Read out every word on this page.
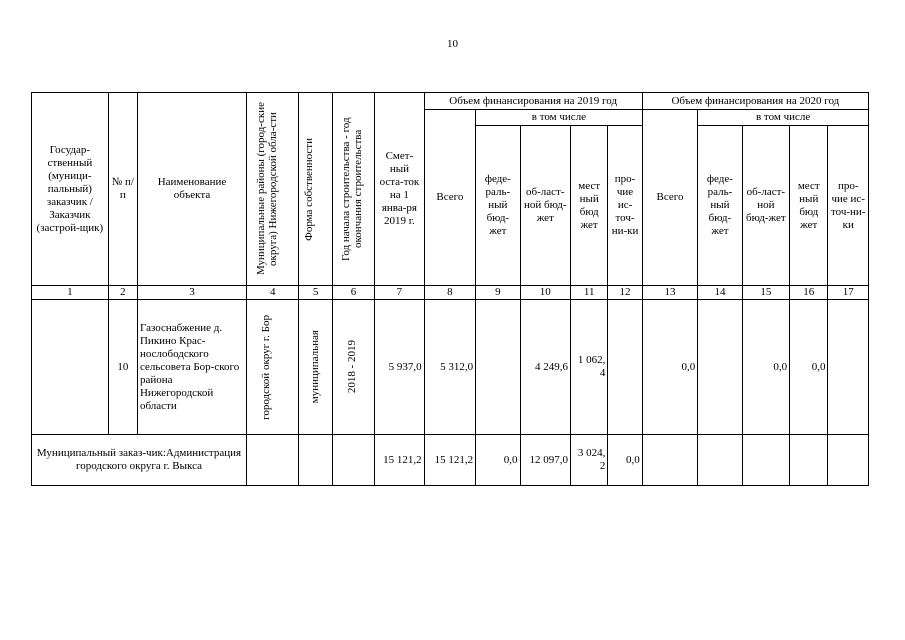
10
Государ-ственный (муници-пальный) заказчик / Заказчик (застрой-щик)	№ п/п	Наименование объекта	Муниципальные районы (город-ские округа) Нижегородской обла-сти	Форма собственности	Год начала строительства - год окончания строительства	Смет-ный оста-ток на 1 янва-ря 2019 г.	Объем финансирования на 2019 год					Объем финансирования на 2020 год				
							Всего	в том числе				Всего	в том числе			
								феде-раль-ный бюд-жет	об-ласт-ной бюд-жет	мест ный бюд жет	про-чие ис-точ-ни-ки		феде-раль-ный бюд-жет	об-ласт-ной бюд-жет	мест ный бюд жет	про-чие ис-точ-ни-ки
1	2	3	4	5	6	7	8	9	10	11	12	13	14	15	16	17
	10	Газоснабжение д. Пикино Крас-нослободского сельсовета Бор-ского района Нижегородской области	городской округ г. Бор	муниципальная	2018 - 2019	5 937,0	5 312,0		4 249,6	1 062, 4		0,0		0,0	0,0	
Муниципальный заказ-чик:Администрация городского округа г. Выкса						15 121,2	15 121,2	0,0	12 097,0	3 024, 2	0,0					
